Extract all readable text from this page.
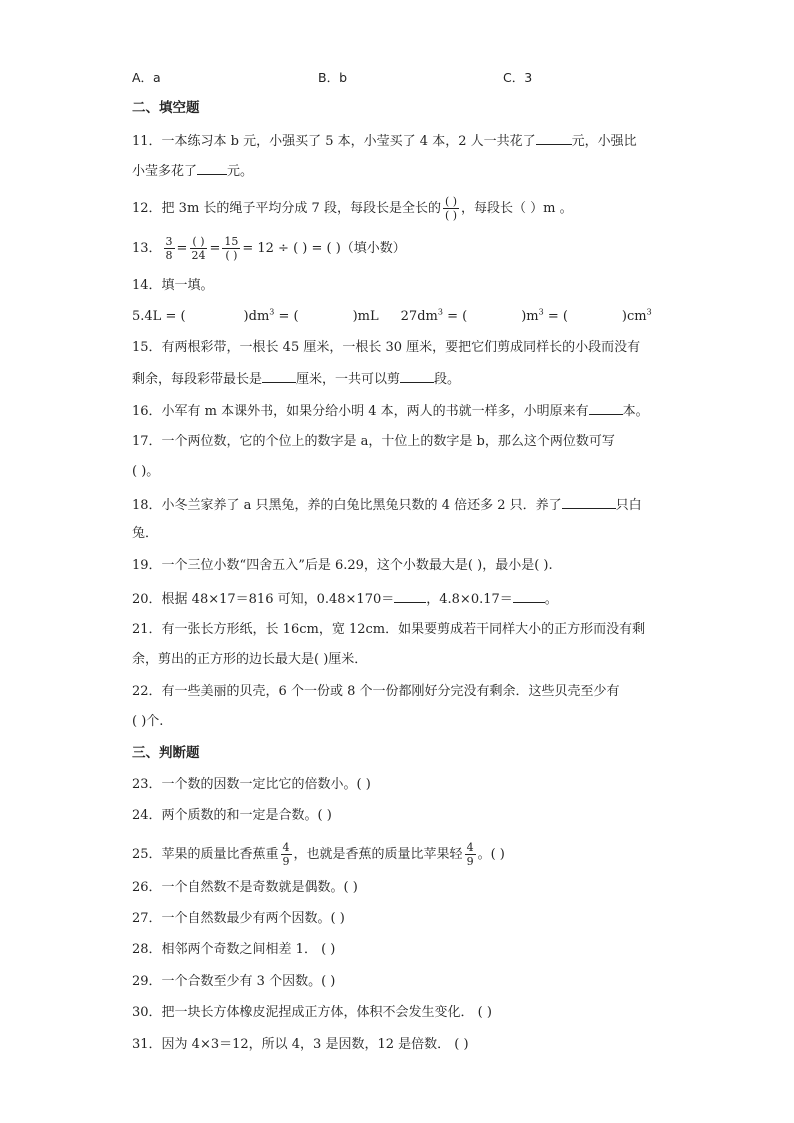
A．a	B．b	C．3
二、填空题
11．一本练习本 b 元，小强买了 5 本，小莹买了 4 本，2 人一共花了	元，小强比
小莹多花了 元。
12．把 3m 长的绳子平均分成 7 段，每段长是全长的 $\frac{( )}{( )}$ ，每段长（ ）m 。
13． $\frac{3}{8} = \frac{( )}{24} = \frac{15}{( )} = 12$ ÷ ( ) = ( )（填小数）
14．填一填。
5.4L = (	)$dm^3$ = (	)mL $27dm^3$ = (	)$m^3$ = (	)$cm^3$
15．有两根彩带，一根长 45 厘米，一根长 30 厘米，要把它们剪成同样长的小段而没有
剩余，每段彩带最长是	厘米，一共可以剪	段。
16．小军有 m 本课外书，如果分给小明 4 本，两人的书就一样多，小明原来有	本。
17．一个两位数，它的个位上的数字是 a，十位上的数字是 b，那么这个两位数可写
( )。
18．小冬兰家养了 a 只黑兔，养的白兔比黑兔只数的 4 倍还多 2 只．养了	只白
兔．
19．一个三位小数“四舍五入”后是 6.29，这个小数最大是( )，最小是( ).
20．根据 48×17＝816 可知，0.48×170＝ ，4.8×0.17＝ 。
21．有一张长方形纸，长 16cm，宽 12cm．如果要剪成若干同样大小的正方形而没有剩
余，剪出的正方形的边长最大是( )厘米．
22．有一些美丽的贝壳，6 个一份或 8 个一份都刚好分完没有剩余．这些贝壳至少有
( )个.
三、判断题
23．一个数的因数一定比它的倍数小。( )
24．两个质数的和一定是合数。( )
25．苹果的质量比香蕉重 $\frac{4}{9}$ ，也就是香蕉的质量比苹果轻 $\frac{4}{9}$ 。( )
26．一个自然数不是奇数就是偶数。( )
27．一个自然数最少有两个因数。( )
28．相邻两个奇数之间相差 1． ( )
29．一个合数至少有 3 个因数。( )
30．把一块长方体橡皮泥捏成正方体，体积不会发生变化． ( )
31．因为 4×3＝12，所以 4，3 是因数，12 是倍数． ( )
